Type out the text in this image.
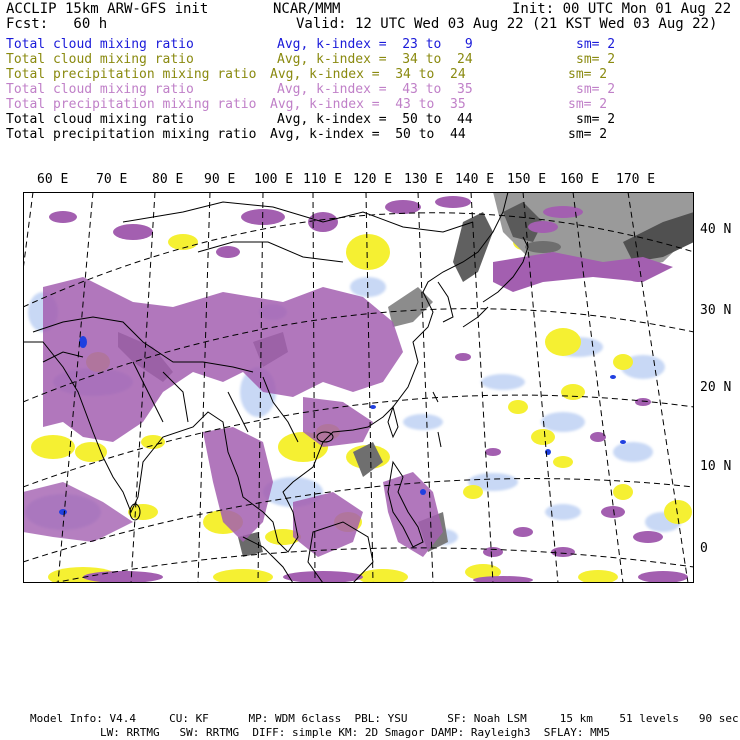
ACCLIP 15km ARW-GFS init	NCAR/MMM	Init: 00 UTC Mon 01 Aug 22
Fcst:   60 h	Valid: 12 UTC Wed 03 Aug 22 (21 KST Wed 03 Aug 22)
Total cloud mixing ratio	Avg, k-index =  23 to   9	sm= 2
Total cloud mixing ratio	Avg, k-index =  34 to  24	sm= 2
Total precipitation mixing ratio Avg, k-index =  34 to  24	sm= 2
Total cloud mixing ratio	Avg, k-index =  43 to  35	sm= 2
Total precipitation mixing ratio Avg, k-index =  43 to  35	sm= 2
Total cloud mixing ratio	Avg, k-index =  50 to  44	sm= 2
Total precipitation mixing ratio Avg, k-index =  50 to  44	sm= 2
60 E 70 E 80 E 90 E 100 E 110 E 120 E 130 E 140 E 150 E 160 E 170 E
40 N
30 N
20 N
10 N
0
Model Info: V4.4     CU: KF      MP: WDM 6class  PBL: YSU      SF: Noah LSM     15 km    51 levels   90 sec
LW: RRTMG   SW: RRTMG  DIFF: simple KM: 2D Smagor DAMP: Rayleigh3  SFLAY: MM5
